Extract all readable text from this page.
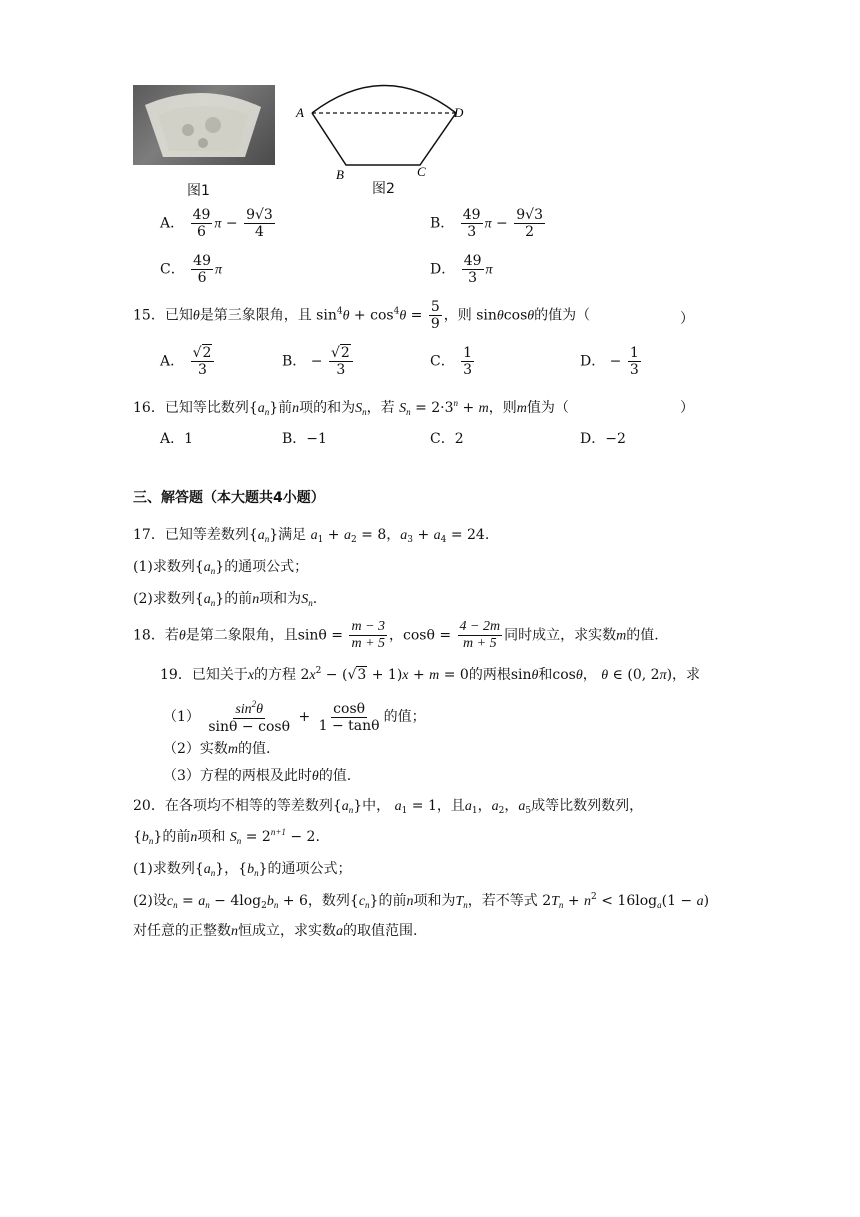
图1
A	D
B	C
图2
A． $\frac{49}{6}$ $\pi - \frac{9√3}{4}$	B． $\frac{49}{3}$ $\pi - \frac{9√3}{2}$
C． $\frac{49}{6}$ π	D． $\frac{49}{3}$ π
15．已知θ是第三象限角，且 $\sin^4\theta + \cos^4\theta = \frac{5}{9}$ ，则 sinθcosθ的值为（	）
A． $\frac{√2}{3}$	B． − $\frac{√2}{3}$	C． $\frac{1}{3}$	D． − $\frac{1}{3}$
16．已知等比数列$\{a_n\}$前n项的和为$S_n$，若 $S_n = 2\cdot 3^n + m$，则m值为（	）
A．1	B．−1	C．2	D．−2
三、解答题（本大题共4小题）
17．已知等差数列$\{a_n\}$满足 $a_1 + a_2 = 8$，$a_3 + a_4 = 24$.
(1)求数列$\{a_n\}$的通项公式；
(2)求数列$\{a_n\}$的前n项和为$S_n$.
18．若θ是第二象限角，且$\sin\theta = \frac{m - 3}{m + 5}$ ，$\cos\theta = \frac{4 - 2m}{m + 5}$ 同时成立，求实数m的值.
19．已知关于x的方程 $2x^2 - (√3 + 1)x + m = 0$的两根sinθ和cosθ， θ ∈ (0, 2π)，求
$(1) \frac{\sin^2\theta}{\sin\theta - \cos\theta} + \frac{\cos\theta}{1 - \tan\theta}$ 的值；
（2）实数m的值.
（3）方程的两根及此时θ的值.
20．在各项均不相等的等差数列$\{a_n\}$中， $a_1 = 1$，且$a_1$，$a_2$，$a_5$成等比数列数列，
$\{b_n\}$的前n项和 $S_n = 2^{n+1} - 2$.
(1)求数列$\{a_n\}$，$\{b_n\}$的通项公式；
(2)设$c_n = a_n - 4\log_2b_n + 6$，数列$\{c_n\}$的前n项和为$T_n$，若不等式 $2T_n + n^2 < 16\log_a(1 - a)$
对任意的正整数n恒成立，求实数a的取值范围.
